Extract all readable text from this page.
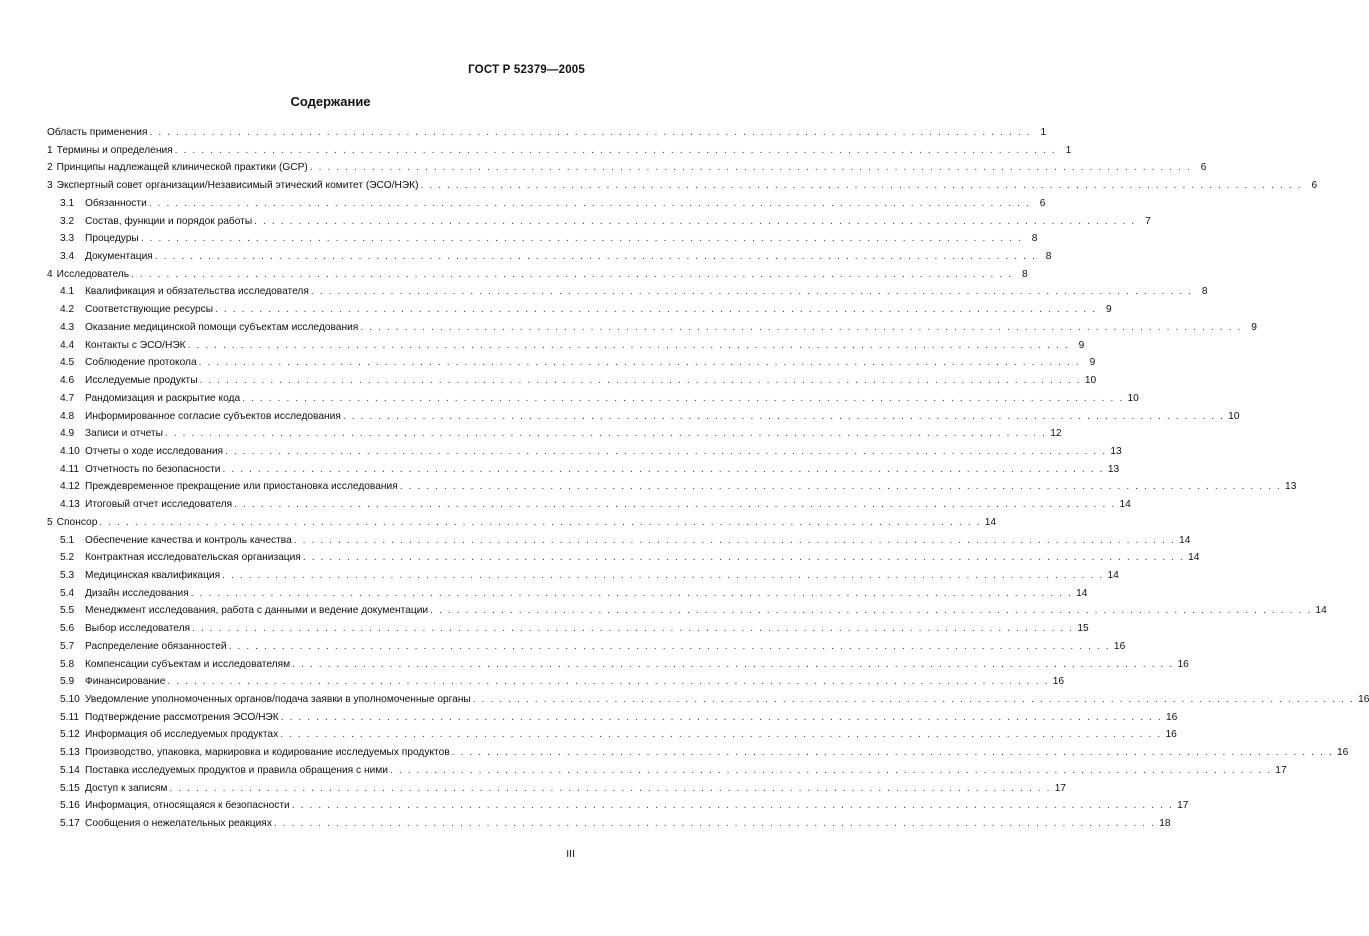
ГОСТ Р 52379—2005
Содержание
Область применения . . .	1
1 Термины и определения . . .	1
2 Принципы надлежащей клинической практики (GCP) . . .	6
3 Экспертный совет организации/Независимый этический комитет (ЭСО/НЭК) . . .	6
3.1	Обязанности . . .	6
3.2	Состав, функции и порядок работы . . .	7
3.3	Процедуры . . .	8
3.4	Документация . . .	8
4 Исследователь . . .	8
4.1	Квалификация и обязательства исследователя . . .	8
4.2	Соответствующие ресурсы . . .	9
4.3	Оказание медицинской помощи субъектам исследования . . .	9
4.4	Контакты с ЭСО/НЭК . . .	9
4.5	Соблюдение протокола . . .	9
4.6	Исследуемые продукты . . .	10
4.7	Рандомизация и раскрытие кода . . .	10
4.8	Информированное согласие субъектов исследования . . .	10
4.9	Записи и отчеты . . .	12
4.10 Отчеты о ходе исследования . . .	13
4.11 Отчетность по безопасности . . .	13
4.12 Преждевременное прекращение или приостановка исследования . . .	13
4.13 Итоговый отчет исследователя . . .	14
5 Спонсор . . .	14
5.1	Обеспечение качества и контроль качества . . .	14
5.2	Контрактная исследовательская организация . . .	14
5.3	Медицинская квалификация . . .	14
5.4	Дизайн исследования . . .	14
5.5	Менеджмент исследования, работа с данными и ведение документации . . .	14
5.6	Выбор исследователя . . .	15
5.7	Распределение обязанностей . . .	16
5.8	Компенсации субъектам и исследователям . . .	16
5.9	Финансирование . . .	16
5.10 Уведомление уполномоченных органов/подача заявки в уполномоченные органы . . .	16
5.11 Подтверждение рассмотрения ЭСО/НЭК . . .	16
5.12 Информация об исследуемых продуктах . . .	16
5.13 Производство, упаковка, маркировка и кодирование исследуемых продуктов . . .	16
5.14 Поставка исследуемых продуктов и правила обращения с ними . . .	17
5.15 Доступ к записям . . .	17
5.16 Информация, относящаяся к безопасности . . .	17
5.17 Сообщения о нежелательных реакциях . . .	18
III
